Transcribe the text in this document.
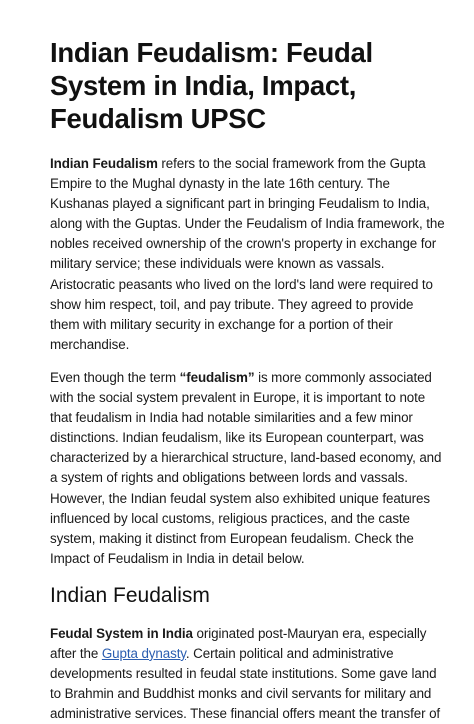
Indian Feudalism: Feudal System in India, Impact, Feudalism UPSC

Indian Feudalism refers to the social framework from the Gupta Empire to the Mughal dynasty in the late 16th century. The Kushanas played a significant part in bringing Feudalism to India, along with the Guptas. Under the Feudalism of India framework, the nobles received ownership of the crown's property in exchange for military service; these individuals were known as vassals. Aristocratic peasants who lived on the lord's land were required to show him respect, toil, and pay tribute. They agreed to provide them with military security in exchange for a portion of their merchandise.

Even though the term “feudalism” is more commonly associated with the social system prevalent in Europe, it is important to note that feudalism in India had notable similarities and a few minor distinctions. Indian feudalism, like its European counterpart, was characterized by a hierarchical structure, land-based economy, and a system of rights and obligations between lords and vassals. However, the Indian feudal system also exhibited unique features influenced by local customs, religious practices, and the caste system, making it distinct from European feudalism. Check the Impact of Feudalism in India in detail below.

Indian Feudalism

Feudal System in India originated post-Mauryan era, especially after the Gupta dynasty. Certain political and administrative developments resulted in feudal state institutions. Some gave land to Brahmin and Buddhist monks and civil servants for military and administrative services. These financial offers meant the transfer of
